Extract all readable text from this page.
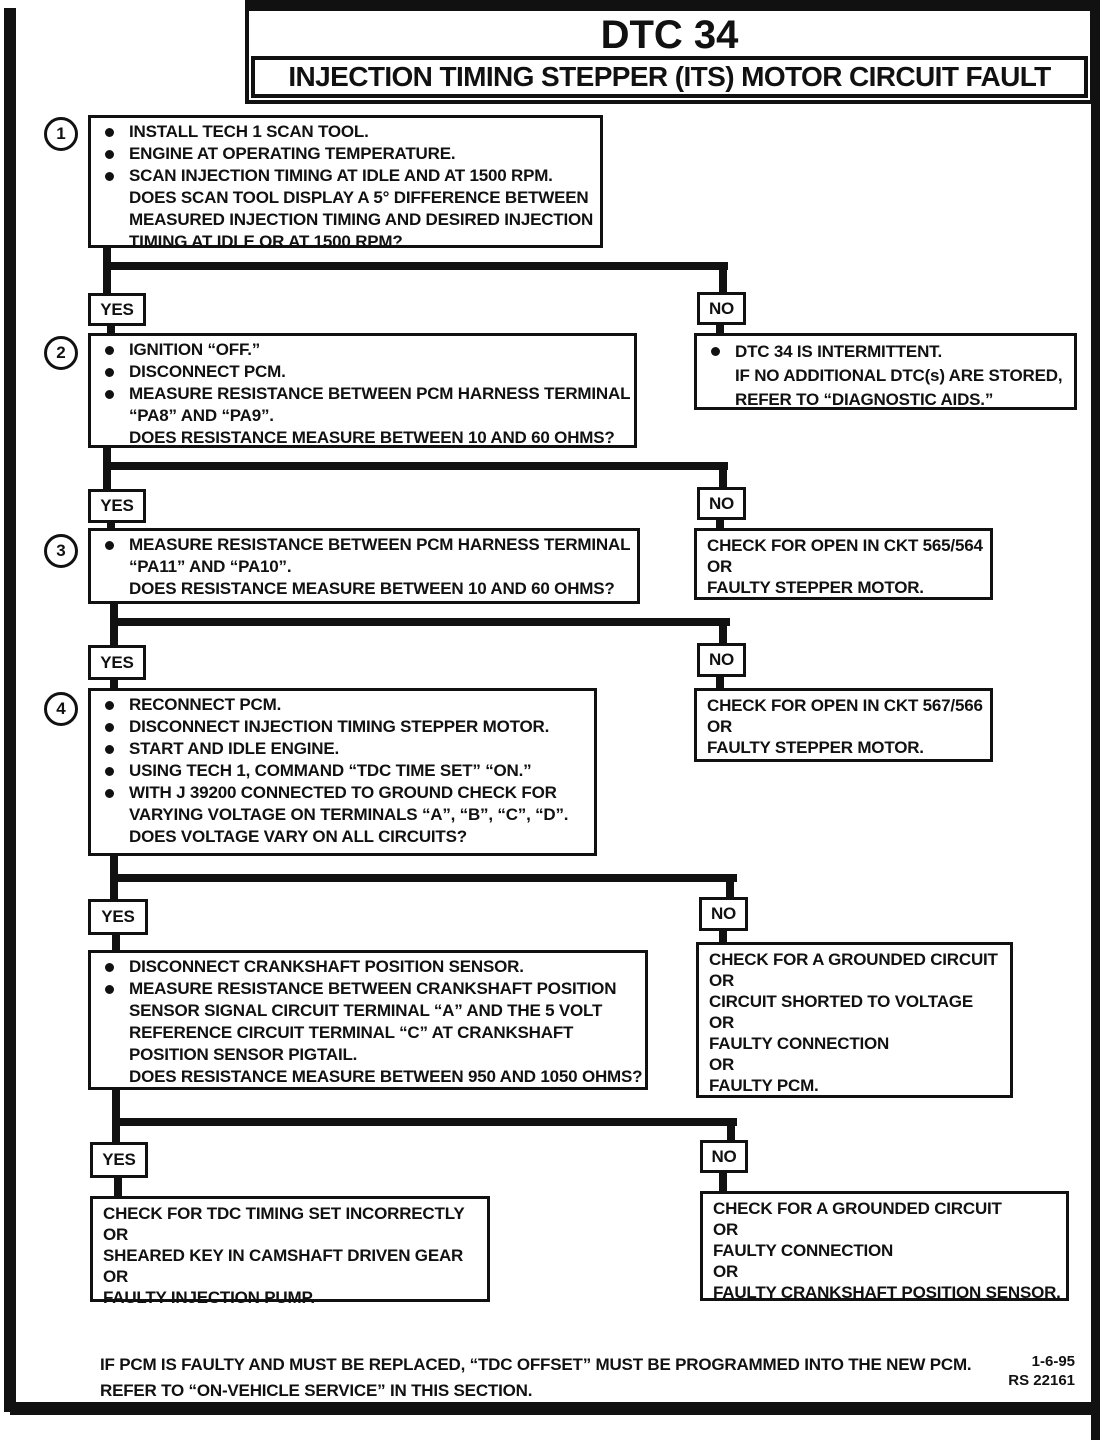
DTC 34
INJECTION TIMING STEPPER (ITS) MOTOR CIRCUIT FAULT
1	INSTALL TECH 1 SCAN TOOL.
ENGINE AT OPERATING TEMPERATURE.
SCAN INJECTION TIMING AT IDLE AND AT 1500 RPM.
DOES SCAN TOOL DISPLAY A 5° DIFFERENCE BETWEEN
MEASURED INJECTION TIMING AND DESIRED INJECTION
TIMING AT IDLE OR AT 1500 RPM?
YES	NO
2	IGNITION “OFF.”
DISCONNECT PCM.
MEASURE RESISTANCE BETWEEN PCM HARNESS TERMINAL
“PA8” AND “PA9”.
DOES RESISTANCE MEASURE BETWEEN 10 AND 60 OHMS?
DTC 34 IS INTERMITTENT.
IF NO ADDITIONAL DTC(s) ARE STORED,
REFER TO “DIAGNOSTIC AIDS.”
YES	NO
3	MEASURE RESISTANCE BETWEEN PCM HARNESS TERMINAL
“PA11” AND “PA10”.
DOES RESISTANCE MEASURE BETWEEN 10 AND 60 OHMS?
CHECK FOR OPEN IN CKT 565/564
OR
FAULTY STEPPER MOTOR.
YES	NO
4	RECONNECT PCM.
DISCONNECT INJECTION TIMING STEPPER MOTOR.
START AND IDLE ENGINE.
USING TECH 1, COMMAND “TDC TIME SET” “ON.”
WITH J 39200 CONNECTED TO GROUND CHECK FOR
VARYING VOLTAGE ON TERMINALS “A”, “B”, “C”, “D”.
DOES VOLTAGE VARY ON ALL CIRCUITS?
CHECK FOR OPEN IN CKT 567/566
OR
FAULTY STEPPER MOTOR.
YES	NO
DISCONNECT CRANKSHAFT POSITION SENSOR.
MEASURE RESISTANCE BETWEEN CRANKSHAFT POSITION
SENSOR SIGNAL CIRCUIT TERMINAL “A” AND THE 5 VOLT
REFERENCE CIRCUIT TERMINAL “C” AT CRANKSHAFT
POSITION SENSOR PIGTAIL.
DOES RESISTANCE MEASURE BETWEEN 950 AND 1050 OHMS?
CHECK FOR A GROUNDED CIRCUIT
OR
CIRCUIT SHORTED TO VOLTAGE
OR
FAULTY CONNECTION
OR
FAULTY PCM.
YES	NO
CHECK FOR TDC TIMING SET INCORRECTLY
OR
SHEARED KEY IN CAMSHAFT DRIVEN GEAR
OR
FAULTY INJECTION PUMP.
CHECK FOR A GROUNDED CIRCUIT
OR
FAULTY CONNECTION
OR
FAULTY CRANKSHAFT POSITION SENSOR.
IF PCM IS FAULTY AND MUST BE REPLACED, “TDC OFFSET” MUST BE PROGRAMMED INTO THE NEW PCM.
REFER TO “ON-VEHICLE SERVICE” IN THIS SECTION.
1-6-95
RS 22161
